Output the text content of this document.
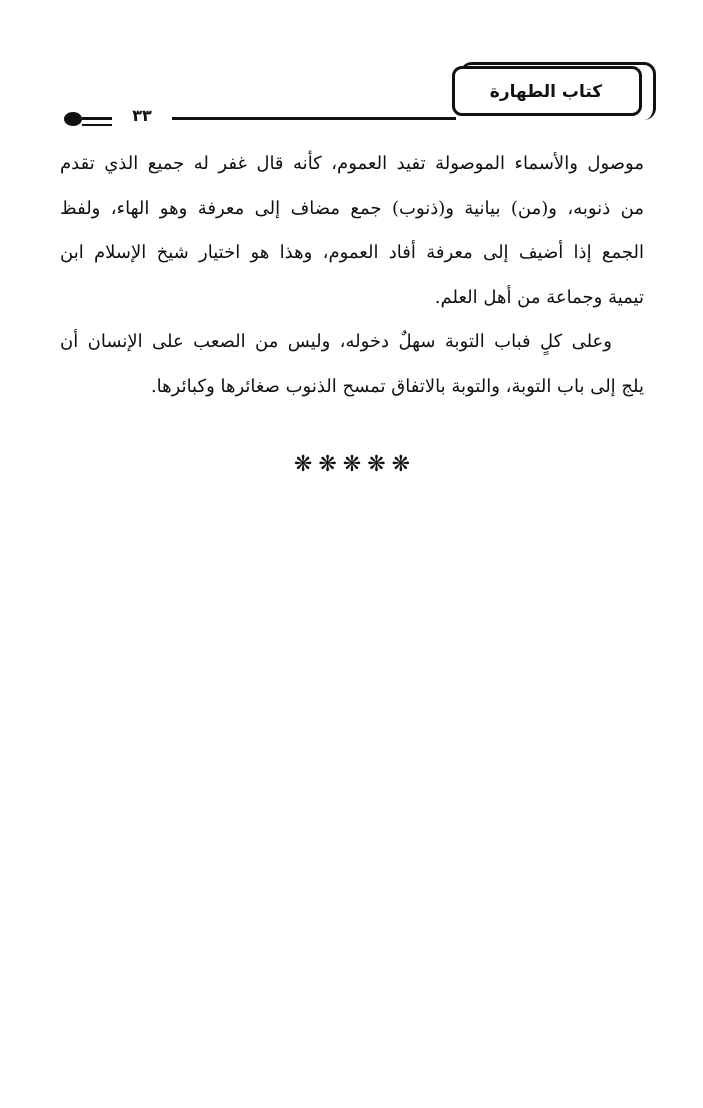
كتاب الطهارة
٣٣

موصول والأسماء الموصولة تفيد العموم، كأنه قال غفر له جميع الذي تقدم
من ذنوبه، و(من) بيانية و(ذنوب) جمع مضاف إلى معرفة وهو الهاء، ولفظ
الجمع إذا أضيف إلى معرفة أفاد العموم، وهذا هو اختيار شيخ الإسلام ابن
تيمية وجماعة من أهل العلم.

وعلى كلٍ فباب التوبة سهلٌ دخوله، وليس من الصعب على الإنسان أن
يلج إلى باب التوبة، والتوبة بالاتفاق تمسح الذنوب صغائرها وكبائرها.

❋❋❋❋❋
